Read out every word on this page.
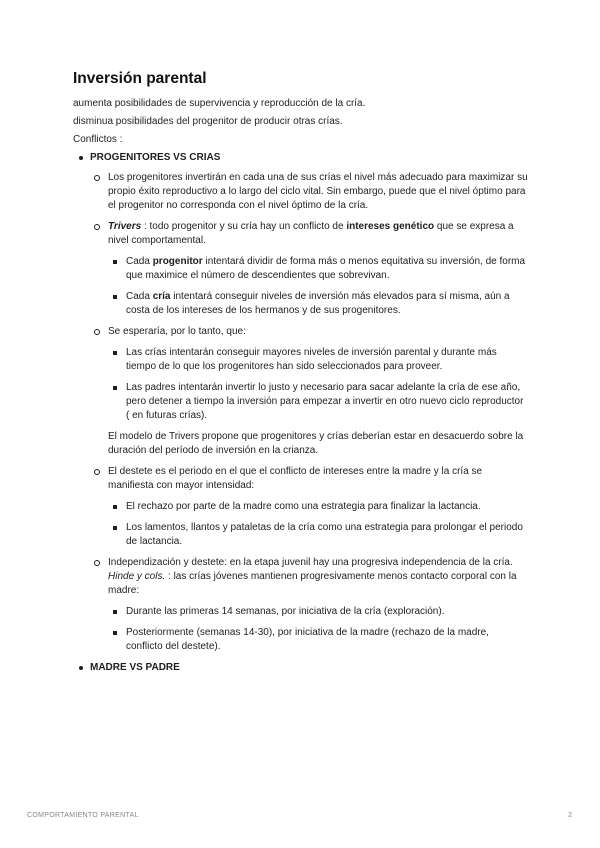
Inversión parental

aumenta posibilidades de supervivencia y reproducción de la cría.

disminua posibilidades del progenitor de producir otras crías.

Conflictos :

PROGENITORES VS CRIAS
Los progenitores invertirán en cada una de sus crías el nivel más adecuado para maximizar su propio éxito reproductivo a lo largo del ciclo vital. Sin embargo, puede que el nivel óptimo para el progenitor no corresponda con el nivel óptimo de la cría.
Trivers : todo progenitor y su cría hay un conflicto de intereses genético que se expresa a nivel comportamental.
Cada progenitor intentará dividir de forma más o menos equitativa su inversión, de forma que maximice el número de descendientes que sobrevivan.
Cada cría intentará conseguir niveles de inversión más elevados para sí misma, aún a costa de los intereses de los hermanos y de sus progenitores.
Se esperaría, por lo tanto, que:
Las crías intentarán conseguir mayores niveles de inversión parental y durante más tiempo de lo que los progenitores han sido seleccionados para proveer.
Las padres intentarán invertir lo justo y necesario para sacar adelante la cría de ese año, pero detener a tiempo la inversión para empezar a invertir en otro nuevo ciclo reproductor ( en futuras crías).
El modelo de Trivers propone que progenitores y crías deberían estar en desacuerdo sobre la duración del período de inversión en la crianza.
El destete es el periodo en el que el conflicto de intereses entre la madre y la cría se manifiesta con mayor intensidad:
El rechazo por parte de la madre como una estrategia para finalizar la lactancia.
Los lamentos, llantos y pataletas de la cría como una estrategia para prolongar el periodo de lactancia.
Independización y destete: en la etapa juvenil hay una progresiva independencia de la cría. Hinde y cols. : las crías jóvenes mantienen progresivamente menos contacto corporal con la madre:
Durante las primeras 14 semanas, por iniciativa de la cría (exploración).
Posteriormente (semanas 14-30), por iniciativa de la madre (rechazo de la madre, conflicto del destete).
MADRE VS PADRE
COMPORTAMIENTO PARENTAL	2
